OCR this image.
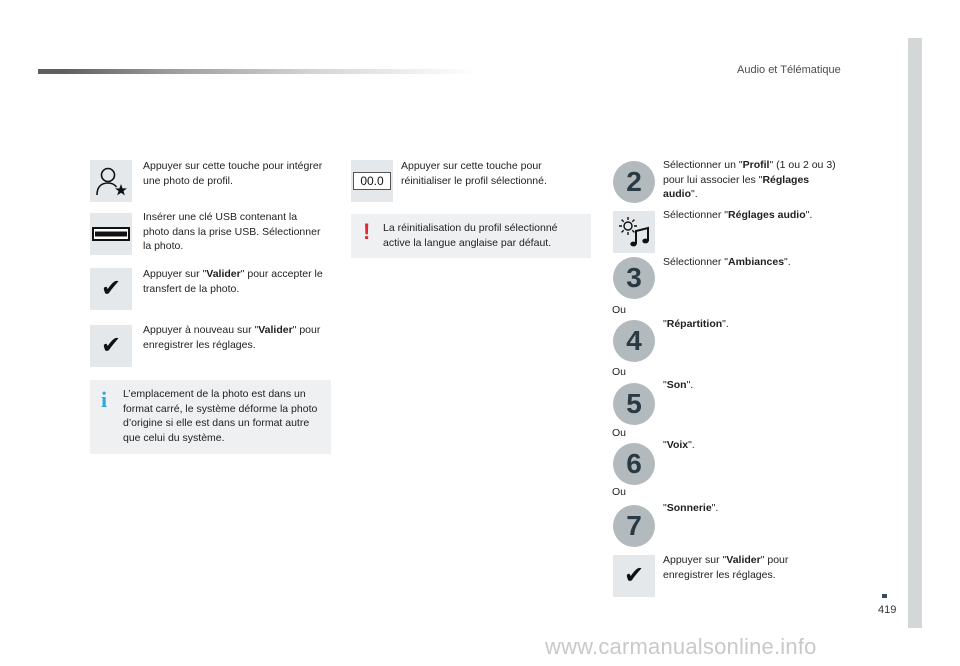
Audio et Télématique
419
www.carmanualsonline.info
Appuyer sur cette touche pour intégrer une photo de profil.
Insérer une clé USB contenant la photo dans la prise USB. Sélectionner la photo.
✔
Appuyer sur "Valider" pour accepter le transfert de la photo.
✔
Appuyer à nouveau sur "Valider" pour enregistrer les réglages.
i L’emplacement de la photo est dans un format carré, le système déforme la photo d’origine si elle est dans un format autre que celui du système.
00.0
Appuyer sur cette touche pour réinitialiser le profil sélectionné.
! La réinitialisation du profil sélectionné active la langue anglaise par défaut.
2
Sélectionner un "Profil" (1 ou 2 ou 3) pour lui associer les "Réglages audio".
Sélectionner "Réglages audio".
3	Sélectionner "Ambiances".
Ou
4
"Répartition".
Ou
5
"Son".
Ou
6
"Voix".
Ou
7
"Sonnerie".
✔
Appuyer sur "Valider" pour enregistrer les réglages.
